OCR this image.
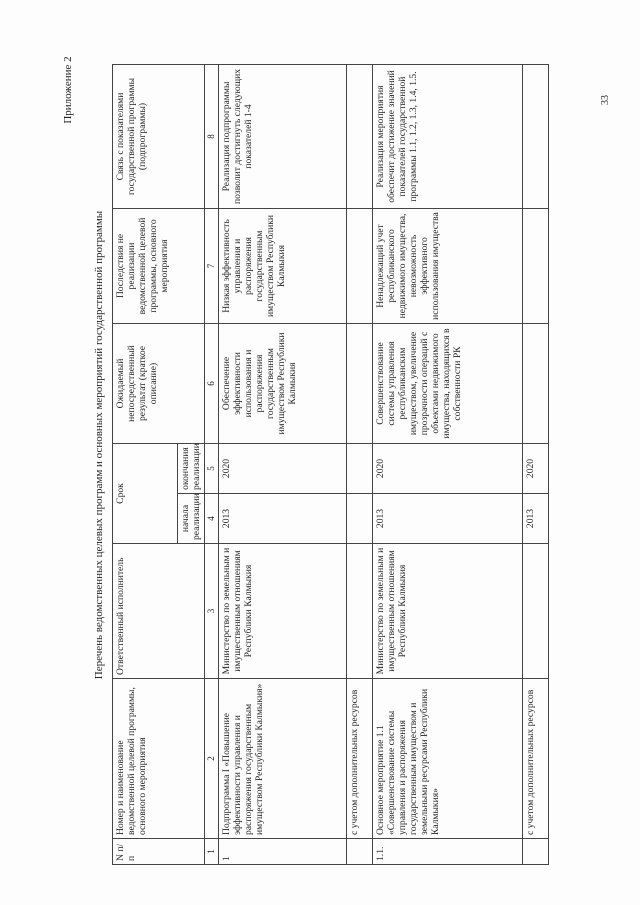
Приложение 2
Перечень ведомственных целевых программ и основных мероприятий государственной программы
N п/п	Номер и наименование ведомственной целевой программы, основного мероприятия	Ответственный исполнитель	Срок		Ожидаемый непосредственный результат (краткое описание)	Последствия не реализации ведомственной целевой программы, основного мероприятия	Связь с показателями государственной программы (подпрограммы)
			начала реализации	окончания реализации			
1	2	3	4	5	6	7	8
1	Подпрограмма I «Повышение эффективности управления и распоряжения государственным имуществом Республики Калмыкия»	Министерство по земельным и имущественным отношениям Республики Калмыкия	2013	2020	Обеспечение эффективности использования и распоряжения государственным имуществом Республики Калмыкия	Низкая эффективность управления и распоряжения государственным имуществом Республики Калмыкия	Реализация подпрограммы позволит достигнуть следующих показателей 1-4
	с учетом дополнительных ресурсов						
1.1.	Основное мероприятие 1.1 «Совершенствование системы управления и распоряжения государственным имуществом и земельными ресурсами Республики Калмыкия»	Министерство по земельным и имущественным отношениям Республики Калмыкия	2013	2020	Совершенствование системы управления республиканским имуществом, увеличение прозрачности операций с объектами недвижимого имущества, находящихся в собственности РК	Ненадлежащий учет республиканского недвижимого имущества, невозможность эффективного использования имущества	Реализация мероприятия обеспечит достижение значений показателей государственной программы 1.1, 1.2, 1.3, 1.4, 1.5.
	с учетом дополнительных ресурсов		2013	2020			
33
